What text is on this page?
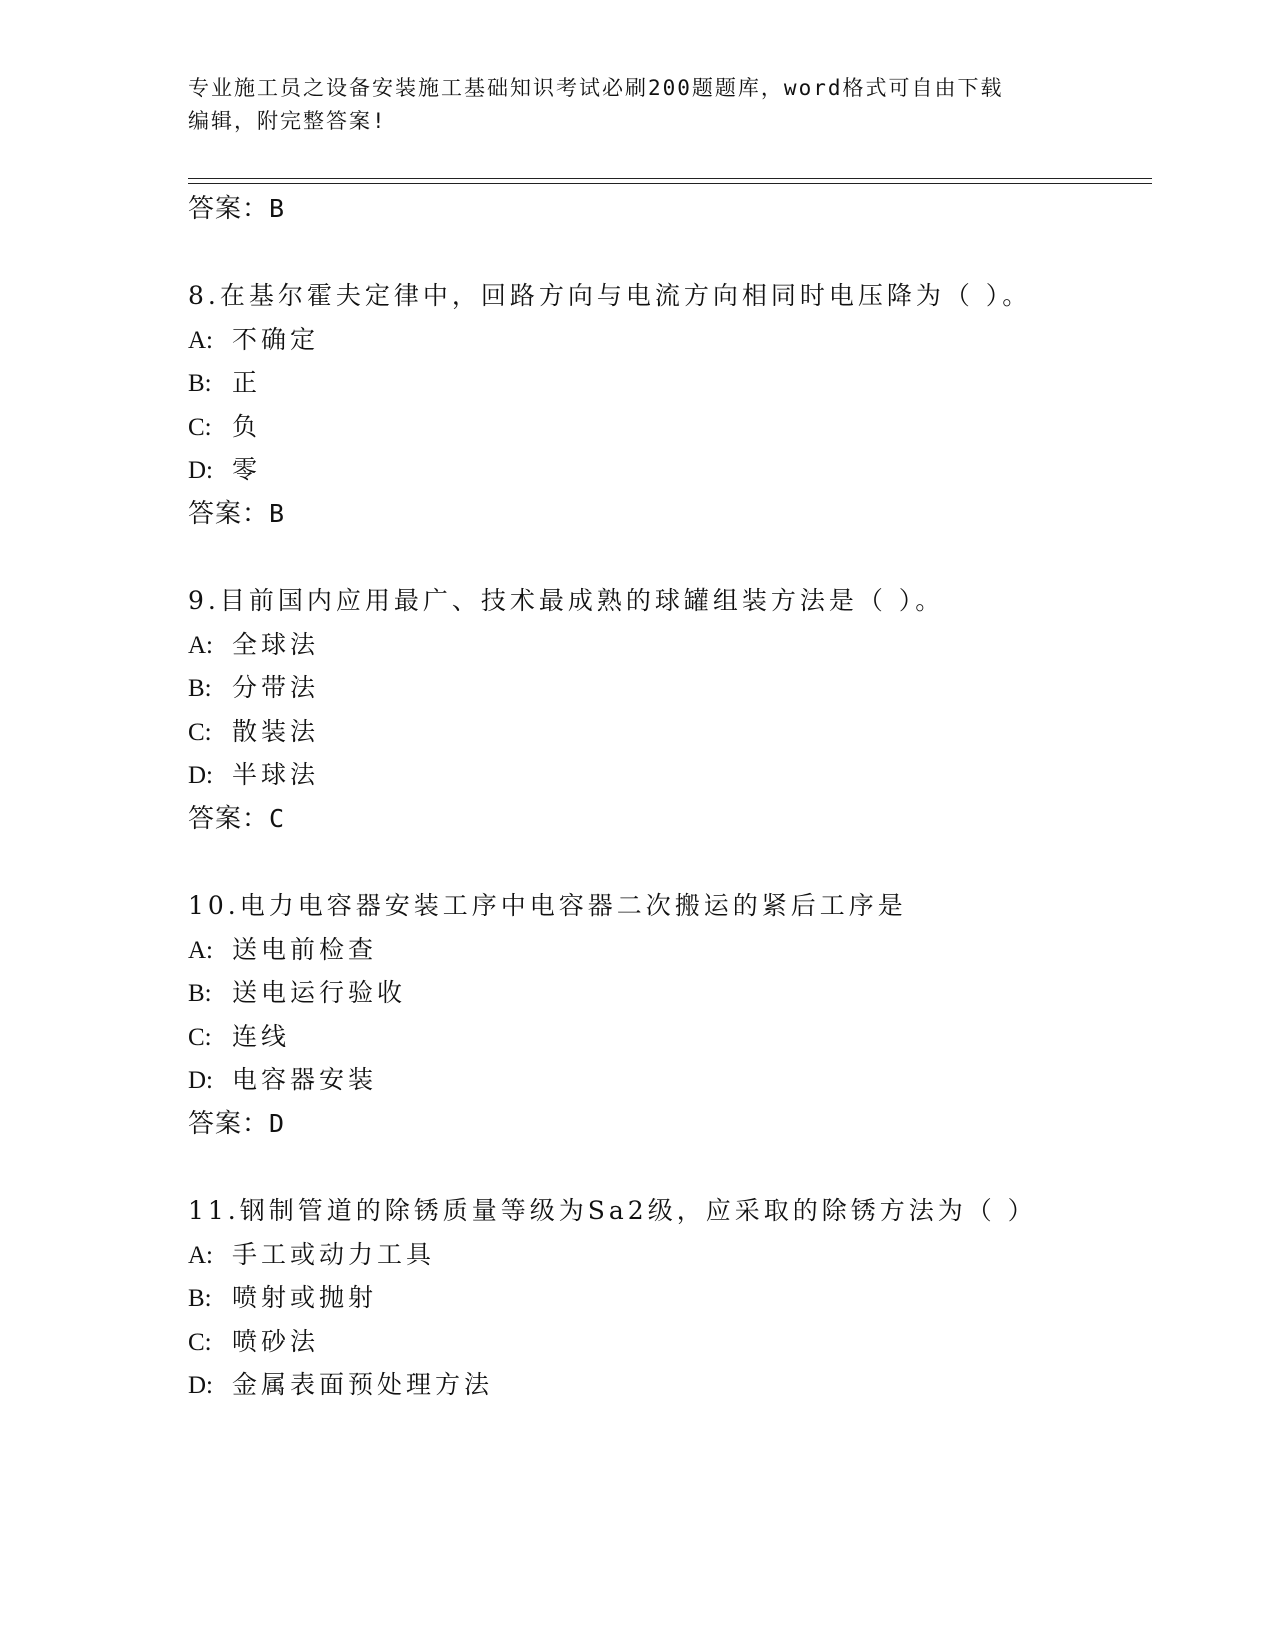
专业施工员之设备安装施工基础知识考试必刷200题题库，word格式可自由下载
编辑，附完整答案!
答案：B
8.在基尔霍夫定律中，回路方向与电流方向相同时电压降为（ ）。
A: 不确定
B: 正
C: 负
D: 零
答案：B
9.目前国内应用最广、技术最成熟的球罐组装方法是（ ）。
A: 全球法
B: 分带法
C: 散装法
D: 半球法
答案：C
10.电力电容器安装工序中电容器二次搬运的紧后工序是
A: 送电前检查
B: 送电运行验收
C: 连线
D: 电容器安装
答案：D
11.钢制管道的除锈质量等级为Sa2级，应采取的除锈方法为（ ）
A: 手工或动力工具
B: 喷射或抛射
C: 喷砂法
D: 金属表面预处理方法
